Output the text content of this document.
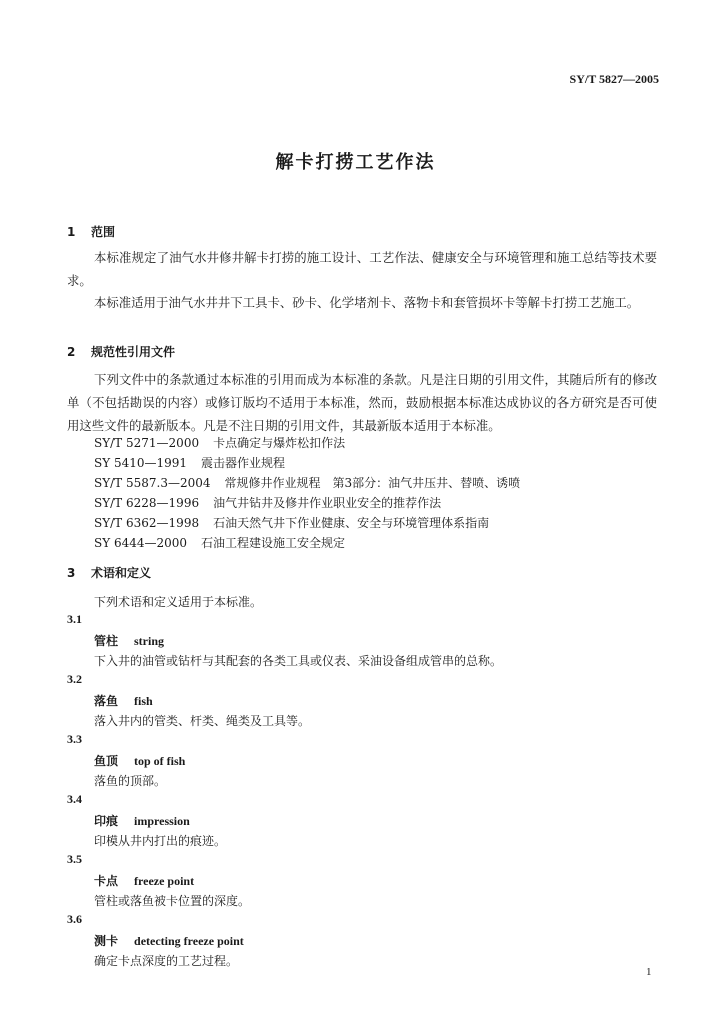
SY/T 5827—2005
解卡打捞工艺作法
1 范围

本标准规定了油气水井修井解卡打捞的施工设计、工艺作法、健康安全与环境管理和施工总结等技术要求。

本标准适用于油气水井井下工具卡、砂卡、化学堵剂卡、落物卡和套管损坏卡等解卡打捞工艺施工。

2 规范性引用文件

下列文件中的条款通过本标准的引用而成为本标准的条款。凡是注日期的引用文件，其随后所有的修改单（不包括勘误的内容）或修订版均不适用于本标准，然而，鼓励根据本标准达成协议的各方研究是否可使用这些文件的最新版本。凡是不注日期的引用文件，其最新版本适用于本标准。

SY/T 5271—2000 卡点确定与爆炸松扣作法
SY 5410—1991 震击器作业规程
SY/T 5587.3—2004 常规修井作业规程　第3部分：油气井压井、替喷、诱喷
SY/T 6228—1996 油气井钻井及修井作业职业安全的推荐作法
SY/T 6362—1998 石油天然气井下作业健康、安全与环境管理体系指南
SY 6444—2000 石油工程建设施工安全规定
3 术语和定义
下列术语和定义适用于本标准。
3.1
管柱 string
下入井的油管或钻杆与其配套的各类工具或仪表、采油设备组成管串的总称。
3.2
落鱼 fish
落入井内的管类、杆类、绳类及工具等。
3.3
鱼顶 top of fish
落鱼的顶部。
3.4
印痕 impression
印模从井内打出的痕迹。
3.5
卡点 freeze point
管柱或落鱼被卡位置的深度。
3.6
测卡 detecting freeze point
确定卡点深度的工艺过程。
1
